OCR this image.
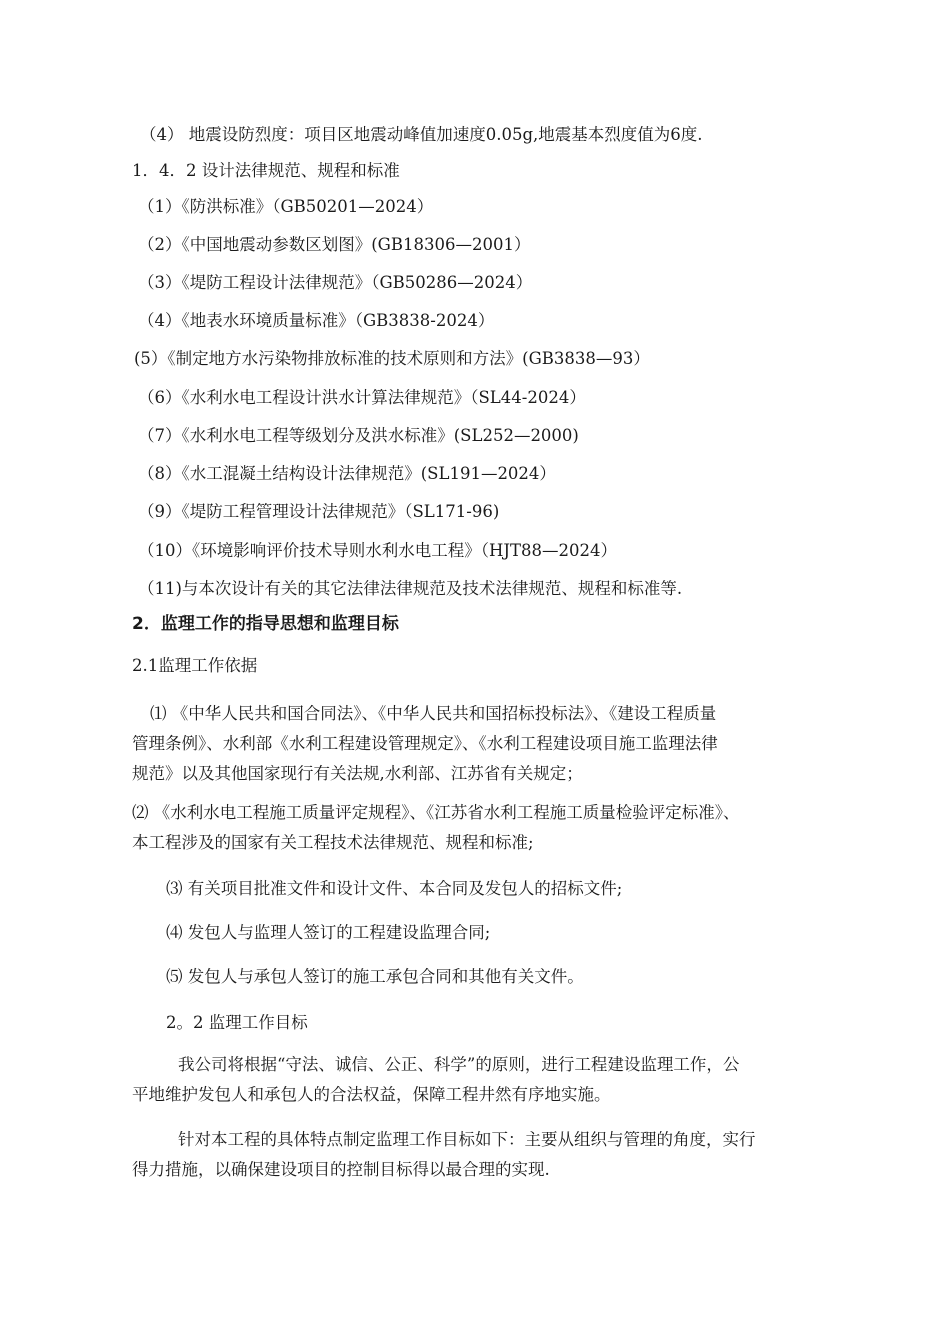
（4） 地震设防烈度：项目区地震动峰值加速度0.05g,地震基本烈度值为6度.
1．4．2 设计法律规范、规程和标准
（1）《防洪标准》（GB50201—2024）
（2）《中国地震动参数区划图》(GB18306—2001）
（3）《堤防工程设计法律规范》（GB50286—2024）
（4）《地表水环境质量标准》（GB3838-2024）
(5）《制定地方水污染物排放标准的技术原则和方法》(GB3838—93）
（6）《水利水电工程设计洪水计算法律规范》（SL44-2024）
（7）《水利水电工程等级划分及洪水标准》(SL252—2000)
（8）《水工混凝土结构设计法律规范》(SL191—2024）
（9）《堤防工程管理设计法律规范》（SL171-96)
（10）《环境影响评价技术导则水利水电工程》（HJT88—2024）
（11)与本次设计有关的其它法律法律规范及技术法律规范、规程和标准等.
2．监理工作的指导思想和监理目标
2.1监理工作依据
⑴ 《中华人民共和国合同法》、《中华人民共和国招标投标法》、《建设工程质量
管理条例》、水利部《水利工程建设管理规定》、《水利工程建设项目施工监理法律
规范》以及其他国家现行有关法规,水利部、江苏省有关规定；
⑵ 《水利水电工程施工质量评定规程》、《江苏省水利工程施工质量检验评定标准》、
本工程涉及的国家有关工程技术法律规范、规程和标准;
⑶ 有关项目批准文件和设计文件、本合同及发包人的招标文件;
⑷ 发包人与监理人签订的工程建设监理合同;
⑸ 发包人与承包人签订的施工承包合同和其他有关文件。
2。2 监理工作目标
我公司将根据“守法、诚信、公正、科学”的原则，进行工程建设监理工作，公
平地维护发包人和承包人的合法权益，保障工程井然有序地实施。
针对本工程的具体特点制定监理工作目标如下：主要从组织与管理的角度，实行
得力措施，以确保建设项目的控制目标得以最合理的实现.
